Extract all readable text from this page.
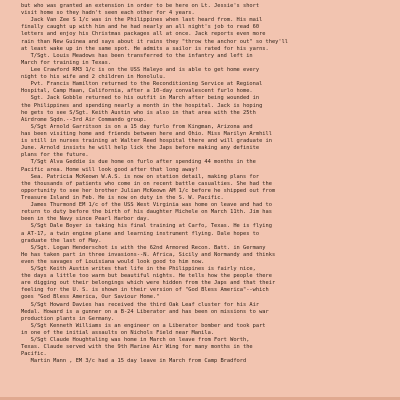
but who was granted an extension in order to be here on Lt. Jessie's short
visit home so they hadn't seen each other for 4 years.
Jack Van Zee S 1/c was in the Philippines when last heard from. His mail
finally caught up with him and he had nearly an all night's job to read 60
letters and enjoy his Christmas packages all at once. Jack reports even more
rain than New Guinea and says about it rains they "throw the anchor out" so they'll
at least wake up in the same spot. He admits a sailor is rated for his yarns.
T/Sgt. Louis Meadows has been transferred to the infantry and left in
March for training in Texas.
Lee Crawford RM3 1/c is on the USS Haleyo and is able to get home every
night to his wife and 2 children in Honolulu.
Pvt. Francis Hamilton returned to the Reconditioning Service at Regional
Hospital, Camp Haan, California, after a 10-day convalescent furlo home.
Sgt. Jack Gobble returned to his outfit in March after being wounded in
the Philippines and spending nearly a month in the hospital. Jack is hoping
he gets to see S/Sgt. Keith Austin who is also in that area with the 25th
Airdrome Sqdn.--3rd Air Commando group.
S/Sgt Arnold Garritson is on a 15 day furlo from Kingman, Arizona and
has been visiting home and friends between here and Ohio. Miss Marilyn Armhill
is still in nurses training at Walter Reed hospital there and will graduate in
June. Arnold insists he will help lick the Japs before making any definite
plans for the future.
T/Sgt Alva Geddie is due home on furlo after spending 44 months in the
Pacific area. Home will look good after that long away!
Sea. Patricia McKeown W.A.S. is now on station detail, making plans for
the thousands of patients who come in on recent battle casualties. She had the
opportunity to see her brother Julian McKeown AM 1/c before he shipped out from
Treasure Island in Feb. He is now on duty in the S. W. Pacific.
James Thurmond EM 1/c of the USS West Virginia was home on leave and had to
return to duty before the birth of his daughter Michele on March 11th. Jim has
been in the Navy since Pearl Harbor day.
S/Sgt Dale Boyer is taking his final training at Carfo, Texas. He is flying
a AT-17, a twin engine plane and learning instrument flying. Dale hopes to
graduate the last of May.
S/Sgt. Logan Henderschot is with the 62nd Armored Recon. Batt. in Germany
He has taken part in three invasions--N. Africa, Sicily and Normandy and thinks
even the savages of Louisiana would look good to him now.
S/Sgt Keith Austin writes that life in the Philippines is fairly nice,
the days a little too warm but beautiful nights. He tells how the people there
are digging out their belongings which were hidden from the Japs and that their
feeling for the U. S. is shown in their version of "God Bless America"--which
goes "God Bless America, Our Saviour Home."
S/Sgt Howard Davies has received the third Oak Leaf cluster for his Air
Medal. Howard is a gunner on a B-24 Liberator and has been on missions to war
production plants in Germany.
S/Sgt Kenneth Williams is an engineer on a Liberator bomber and took part
in one of the initial assaults on Nichols Field near Manila.
S/Sgt Claude Houghtaling was home in March on leave from Fort Worth,
Texas. Claude served with the 9th Marine Air Wing for many months in the
Pacific.
Martin Mann , EM 3/c had a 15 day leave in March from Camp Bradford
